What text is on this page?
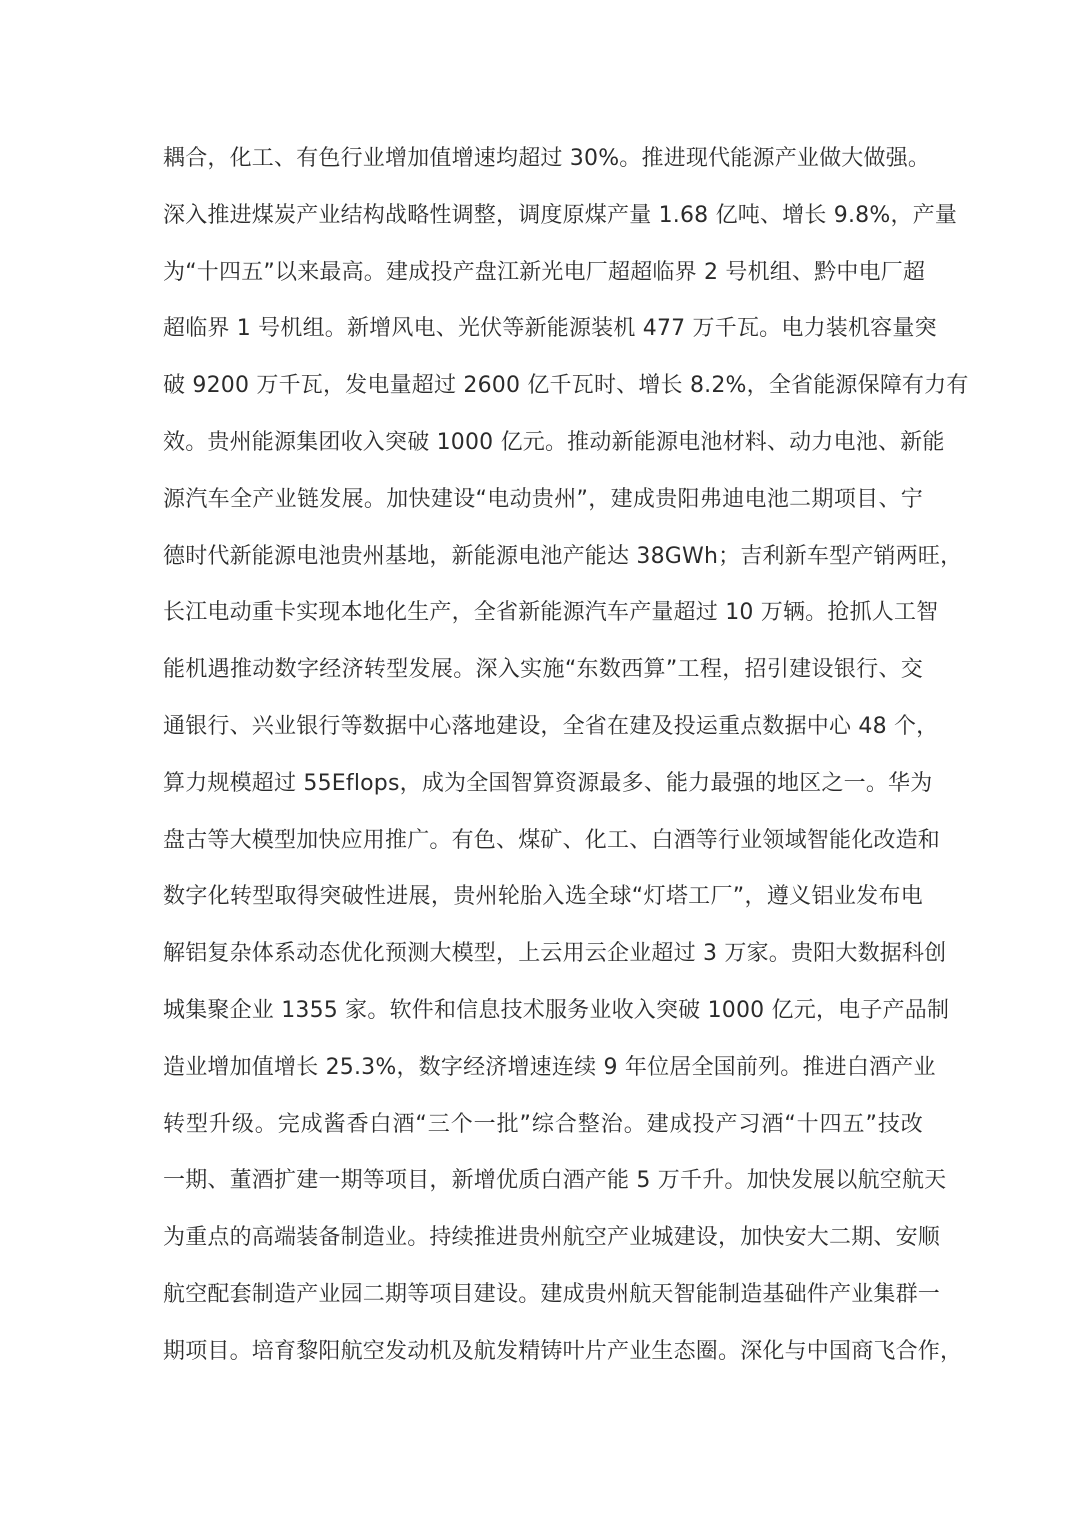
耦合，化工、有色行业增加值增速均超过 30%。推进现代能源产业做大做强。
深入推进煤炭产业结构战略性调整，调度原煤产量 1.68 亿吨、增长 9.8%，产量
为“十四五”以来最高。建成投产盘江新光电厂超超临界 2 号机组、黔中电厂超
超临界 1 号机组。新增风电、光伏等新能源装机 477 万千瓦。电力装机容量突
破 9200 万千瓦，发电量超过 2600 亿千瓦时、增长 8.2%，全省能源保障有力有
效。贵州能源集团收入突破 1000 亿元。推动新能源电池材料、动力电池、新能
源汽车全产业链发展。加快建设“电动贵州”，建成贵阳弗迪电池二期项目、宁
德时代新能源电池贵州基地，新能源电池产能达 38GWh；吉利新车型产销两旺，
长江电动重卡实现本地化生产，全省新能源汽车产量超过 10 万辆。抢抓人工智
能机遇推动数字经济转型发展。深入实施“东数西算”工程，招引建设银行、交
通银行、兴业银行等数据中心落地建设，全省在建及投运重点数据中心 48 个，
算力规模超过 55Eflops，成为全国智算资源最多、能力最强的地区之一。华为
盘古等大模型加快应用推广。有色、煤矿、化工、白酒等行业领域智能化改造和
数字化转型取得突破性进展，贵州轮胎入选全球“灯塔工厂”，遵义铝业发布电
解铝复杂体系动态优化预测大模型，上云用云企业超过 3 万家。贵阳大数据科创
城集聚企业 1355 家。软件和信息技术服务业收入突破 1000 亿元，电子产品制
造业增加值增长 25.3%，数字经济增速连续 9 年位居全国前列。推进白酒产业
转型升级。完成酱香白酒“三个一批”综合整治。建成投产习酒“十四五”技改
一期、董酒扩建一期等项目，新增优质白酒产能 5 万千升。加快发展以航空航天
为重点的高端装备制造业。持续推进贵州航空产业城建设，加快安大二期、安顺
航空配套制造产业园二期等项目建设。建成贵州航天智能制造基础件产业集群一
期项目。培育黎阳航空发动机及航发精铸叶片产业生态圈。深化与中国商飞合作，
